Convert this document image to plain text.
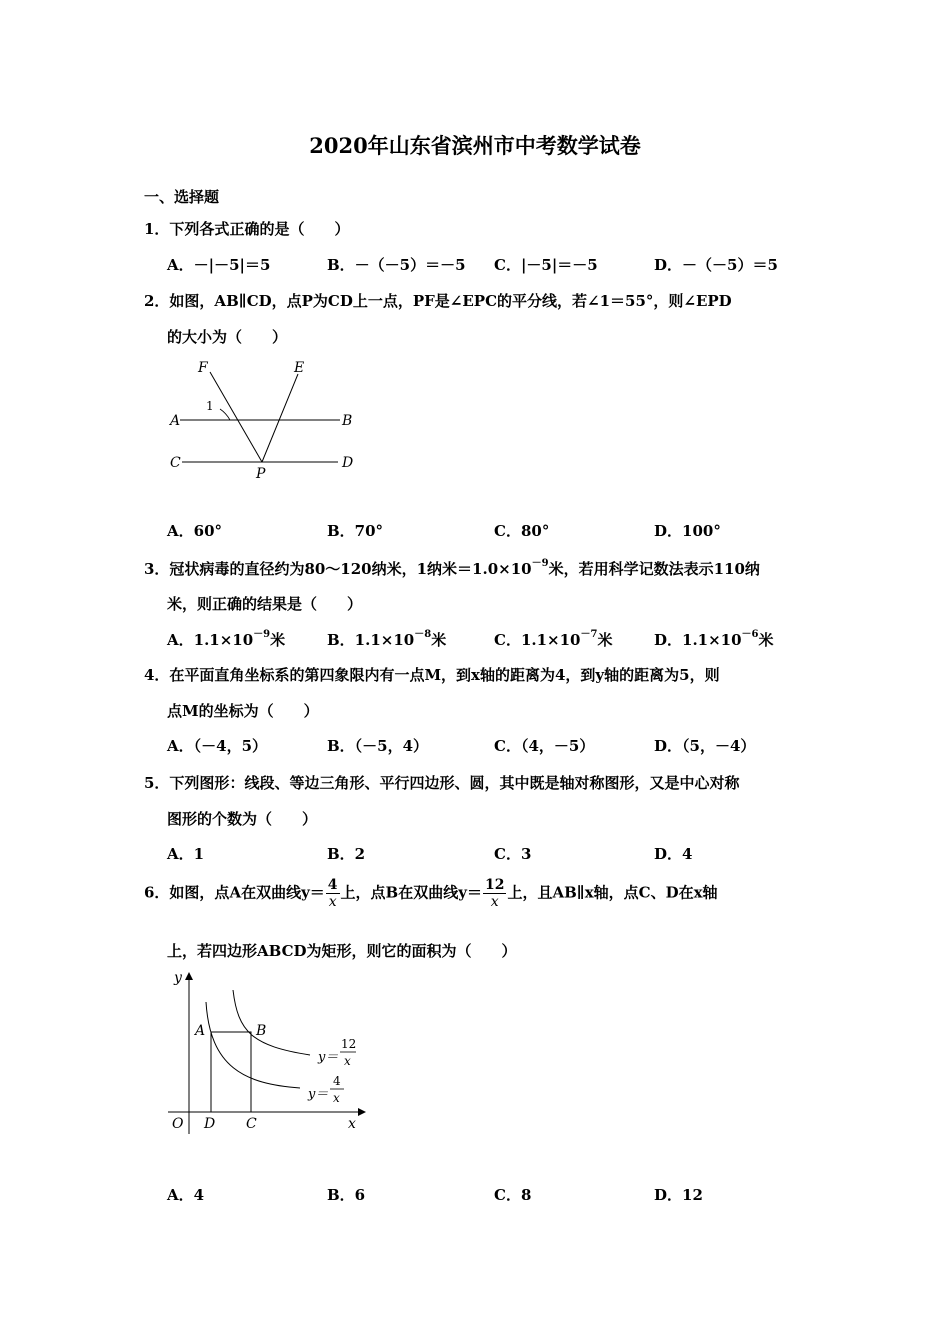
2020年山东省滨州市中考数学试卷
一、选择题
1．下列各式正确的是（　　）
A．－|－5|＝5	B．－（－5）＝－5 C．|－5|＝－5	D．－（－5）＝5
2．如图，AB∥CD，点P为CD上一点，PF是∠EPC的平分线，若∠1＝55°，则∠EPD
的大小为（　　）
F	E
A	B
C	D
P
1
A．60°	B．70°	C．80°	D．100°
3．冠状病毒的直径约为80～120纳米，1纳米$=1.0\times 10^{-9}$米，若用科学记数法表示110纳
米，则正确的结果是（　　）
A．$1.1\times 10^{-9}$米	B．$1.1\times 10^{-8}$米	C．$1.1\times 10^{-7}$米	D．$1.1\times 10^{-6}$米
4．在平面直角坐标系的第四象限内有一点M，到x轴的距离为4，到y轴的距离为5，则
点M的坐标为（　　）
A．（－4，5）	B．（－5，4）	C．（4，－5）	D．（5，－4）
5．下列图形：线段、等边三角形、平行四边形、圆，其中既是轴对称图形，又是中心对称
图形的个数为（　　）
A．1	B．2	C．3	D．4
6．如图，点A在双曲线$y= \frac{4}{x}$ 上，点B在双曲线$y= \frac{12}{x}$ 上，且AB∥x轴，点C、D在x轴
上，若四边形ABCD为矩形，则它的面积为（　　）
y
x
O D C
A	B
y＝
12
x
y＝
4
x
A．4	B．6	C．8	D．12
